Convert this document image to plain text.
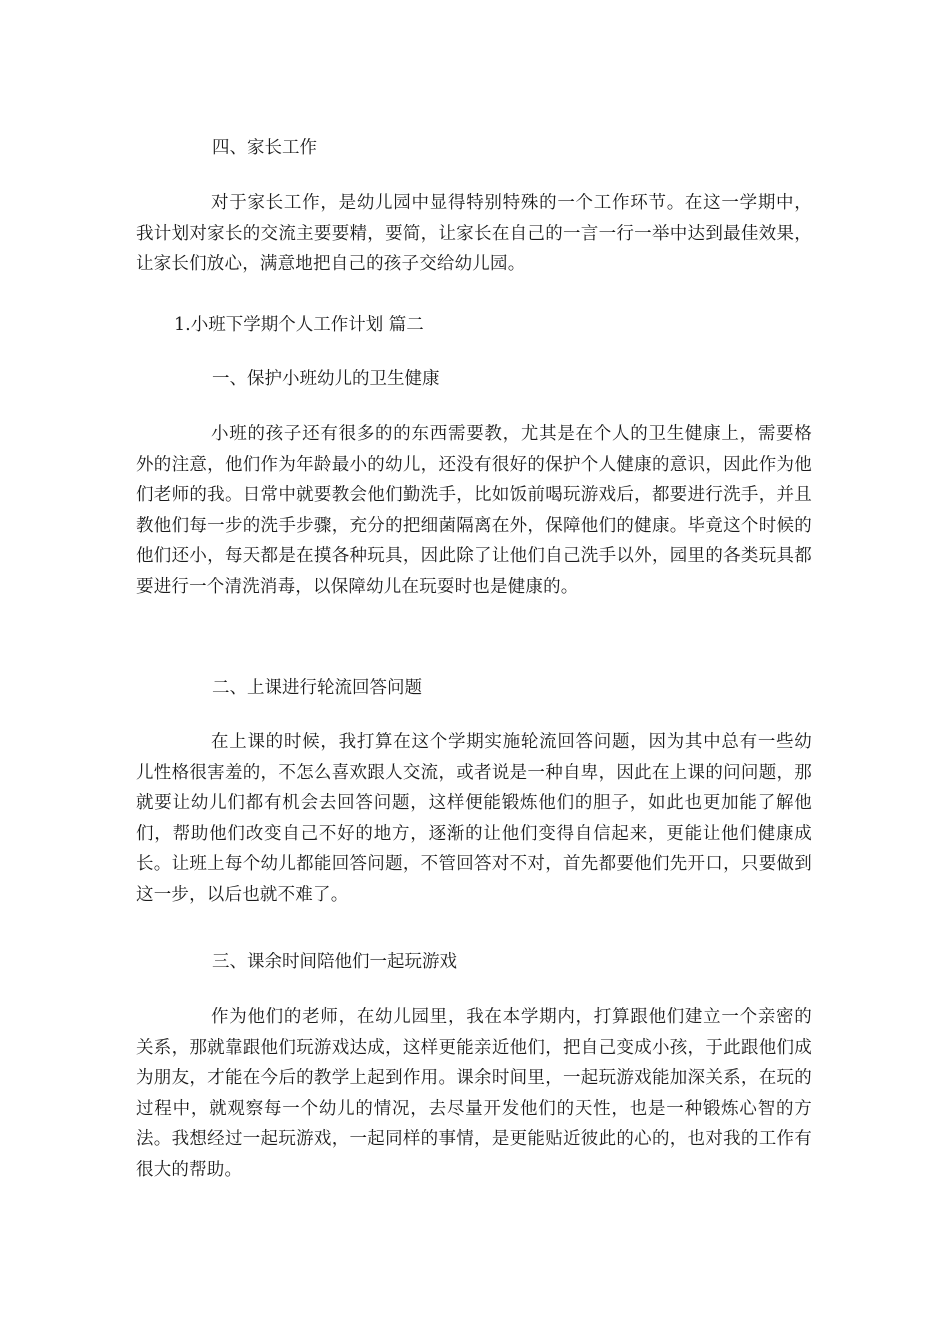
四、家长工作
对于家长工作，是幼儿园中显得特别特殊的一个工作环节。在这一学期中，我计划对家长的交流主要要精，要简，让家长在自己的一言一行一举中达到最佳效果，让家长们放心，满意地把自己的孩子交给幼儿园。
1.小班下学期个人工作计划 篇二
一、保护小班幼儿的卫生健康
小班的孩子还有很多的的东西需要教，尤其是在个人的卫生健康上，需要格外的注意，他们作为年龄最小的幼儿，还没有很好的保护个人健康的意识，因此作为他们老师的我。日常中就要教会他们勤洗手，比如饭前喝玩游戏后，都要进行洗手，并且教他们每一步的洗手步骤，充分的把细菌隔离在外，保障他们的健康。毕竟这个时候的他们还小，每天都是在摸各种玩具，因此除了让他们自己洗手以外，园里的各类玩具都要进行一个清洗消毒，以保障幼儿在玩耍时也是健康的。
二、上课进行轮流回答问题
在上课的时候，我打算在这个学期实施轮流回答问题，因为其中总有一些幼儿性格很害羞的，不怎么喜欢跟人交流，或者说是一种自卑，因此在上课的问问题，那就要让幼儿们都有机会去回答问题，这样便能锻炼他们的胆子，如此也更加能了解他们，帮助他们改变自己不好的地方，逐渐的让他们变得自信起来，更能让他们健康成长。让班上每个幼儿都能回答问题，不管回答对不对，首先都要他们先开口，只要做到这一步，以后也就不难了。
三、课余时间陪他们一起玩游戏
作为他们的老师，在幼儿园里，我在本学期内，打算跟他们建立一个亲密的关系，那就靠跟他们玩游戏达成，这样更能亲近他们，把自己变成小孩，于此跟他们成为朋友，才能在今后的教学上起到作用。课余时间里，一起玩游戏能加深关系，在玩的过程中，就观察每一个幼儿的情况，去尽量开发他们的天性，也是一种锻炼心智的方法。我想经过一起玩游戏，一起同样的事情，是更能贴近彼此的心的，也对我的工作有很大的帮助。
